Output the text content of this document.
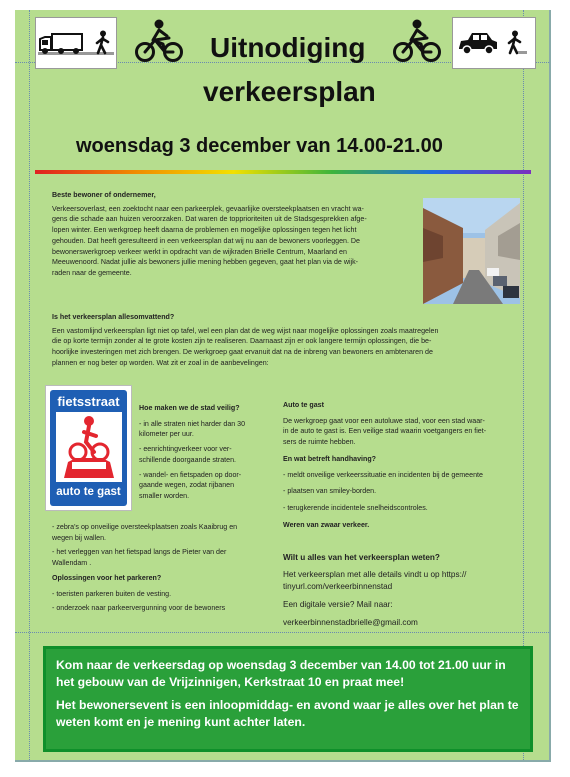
Uitnodiging
verkeersplan
woensdag 3 december van 14.00-21.00
Beste bewoner of ondernemer,
Verkeersoverlast, een zoektocht naar een parkeerplek, gevaarlijke oversteekplaatsen en vracht wa-
gens die schade aan huizen veroorzaken. Dat waren de topprioriteiten uit de Stadsgesprekken afge-
lopen winter. Een werkgroep heeft daarna de problemen en mogelijke oplossingen tegen het licht
gehouden. Dat heeft geresulteerd in een verkeersplan dat wij nu aan de bewoners voorleggen. De
bewonerswerkgroep verkeer werkt in opdracht van de wijkraden Brielle Centrum, Maarland en
Meeuwenoord. Nadat jullie als bewoners jullie mening hebben gegeven, gaat het plan via de wijk-
raden naar de gemeente.
Is het verkeersplan allesomvattend?
Een vastomlijnd verkeersplan ligt niet op tafel, wel een plan dat de weg wijst naar mogelijke oplossingen zoals maatregelen
die op korte termijn zonder al te grote kosten zijn te realiseren. Daarnaast zijn er ook langere termijn oplossingen, die be-
hoorlijke investeringen met zich brengen. De werkgroep gaat ervanuit dat na de inbreng van bewoners en ambtenaren de
plannen er nog beter op worden. Wat zit er zoal in de aanbevelingen:
fietsstraat
auto te gast
Hoe maken we de stad veilig?
- in alle straten niet harder dan 30
kilometer per uur.
- eenrichtingverkeer voor ver-
schillende doorgaande straten.
- wandel- en fietspaden op door-
gaande wegen, zodat rijbanen
smaller worden.
- zebra's op onveilige oversteekplaatsen zoals Kaaibrug en
wegen bij wallen.
- het verleggen van het fietspad langs de Pieter van der
Wallendam .
Oplossingen voor het parkeren?
- toeristen parkeren buiten de vesting.
- onderzoek naar parkeervergunning voor de bewoners
Auto te gast
De werkgroep gaat voor een autoluwe stad, voor een stad waar-
in de auto te gast is. Een veilige stad waarin voetgangers en fiet-
sers de ruimte hebben.
En wat betreft handhaving?
- meldt onveilige verkeerssituatie en incidenten bij de gemeente
- plaatsen van smiley-borden.
- terugkerende incidentele snelheidscontroles.
Weren van zwaar verkeer.
Wilt u alles van het verkeersplan weten?
Het verkeersplan met alle details vindt u op https://
tinyurl.com/verkeerbinnenstad
Een digitale versie? Mail naar:
verkeerbinnenstadbrielle@gmail.com

Kom naar de verkeersdag op woensdag 3 december van 14.00 tot 21.00 uur in het gebouw van de Vrijzinnigen, Kerkstraat 10 en praat mee!

Het bewonersevent is een inloopmiddag- en avond waar je alles over het plan te weten komt en je mening kunt achter laten.
